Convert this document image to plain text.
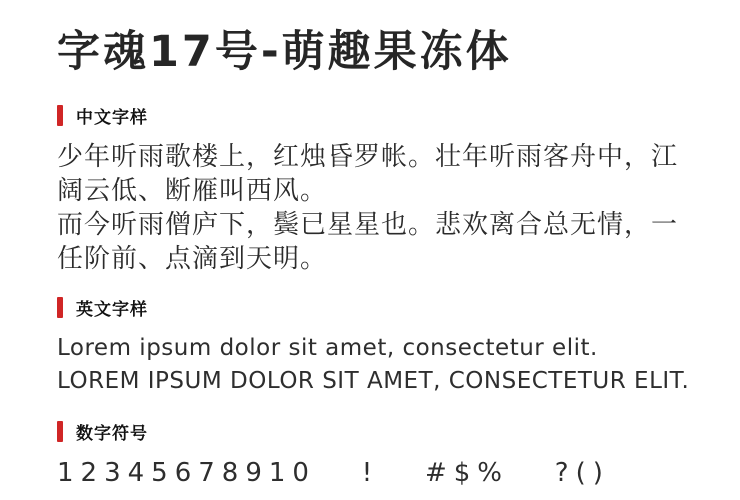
字魂17号-萌趣果冻体
中文字样

少年听雨歌楼上，红烛昏罗帐。壮年听雨客舟中，江阔云低、断雁叫西风。

而今听雨僧庐下，鬓已星星也。悲欢离合总无情，一任阶前、点滴到天明。

英文字样

Lorem ipsum dolor sit amet, consectetur elit.

LOREM IPSUM DOLOR SIT AMET, CONSECTETUR ELIT.

数字符号

12345678910   !   #$%   ?()
